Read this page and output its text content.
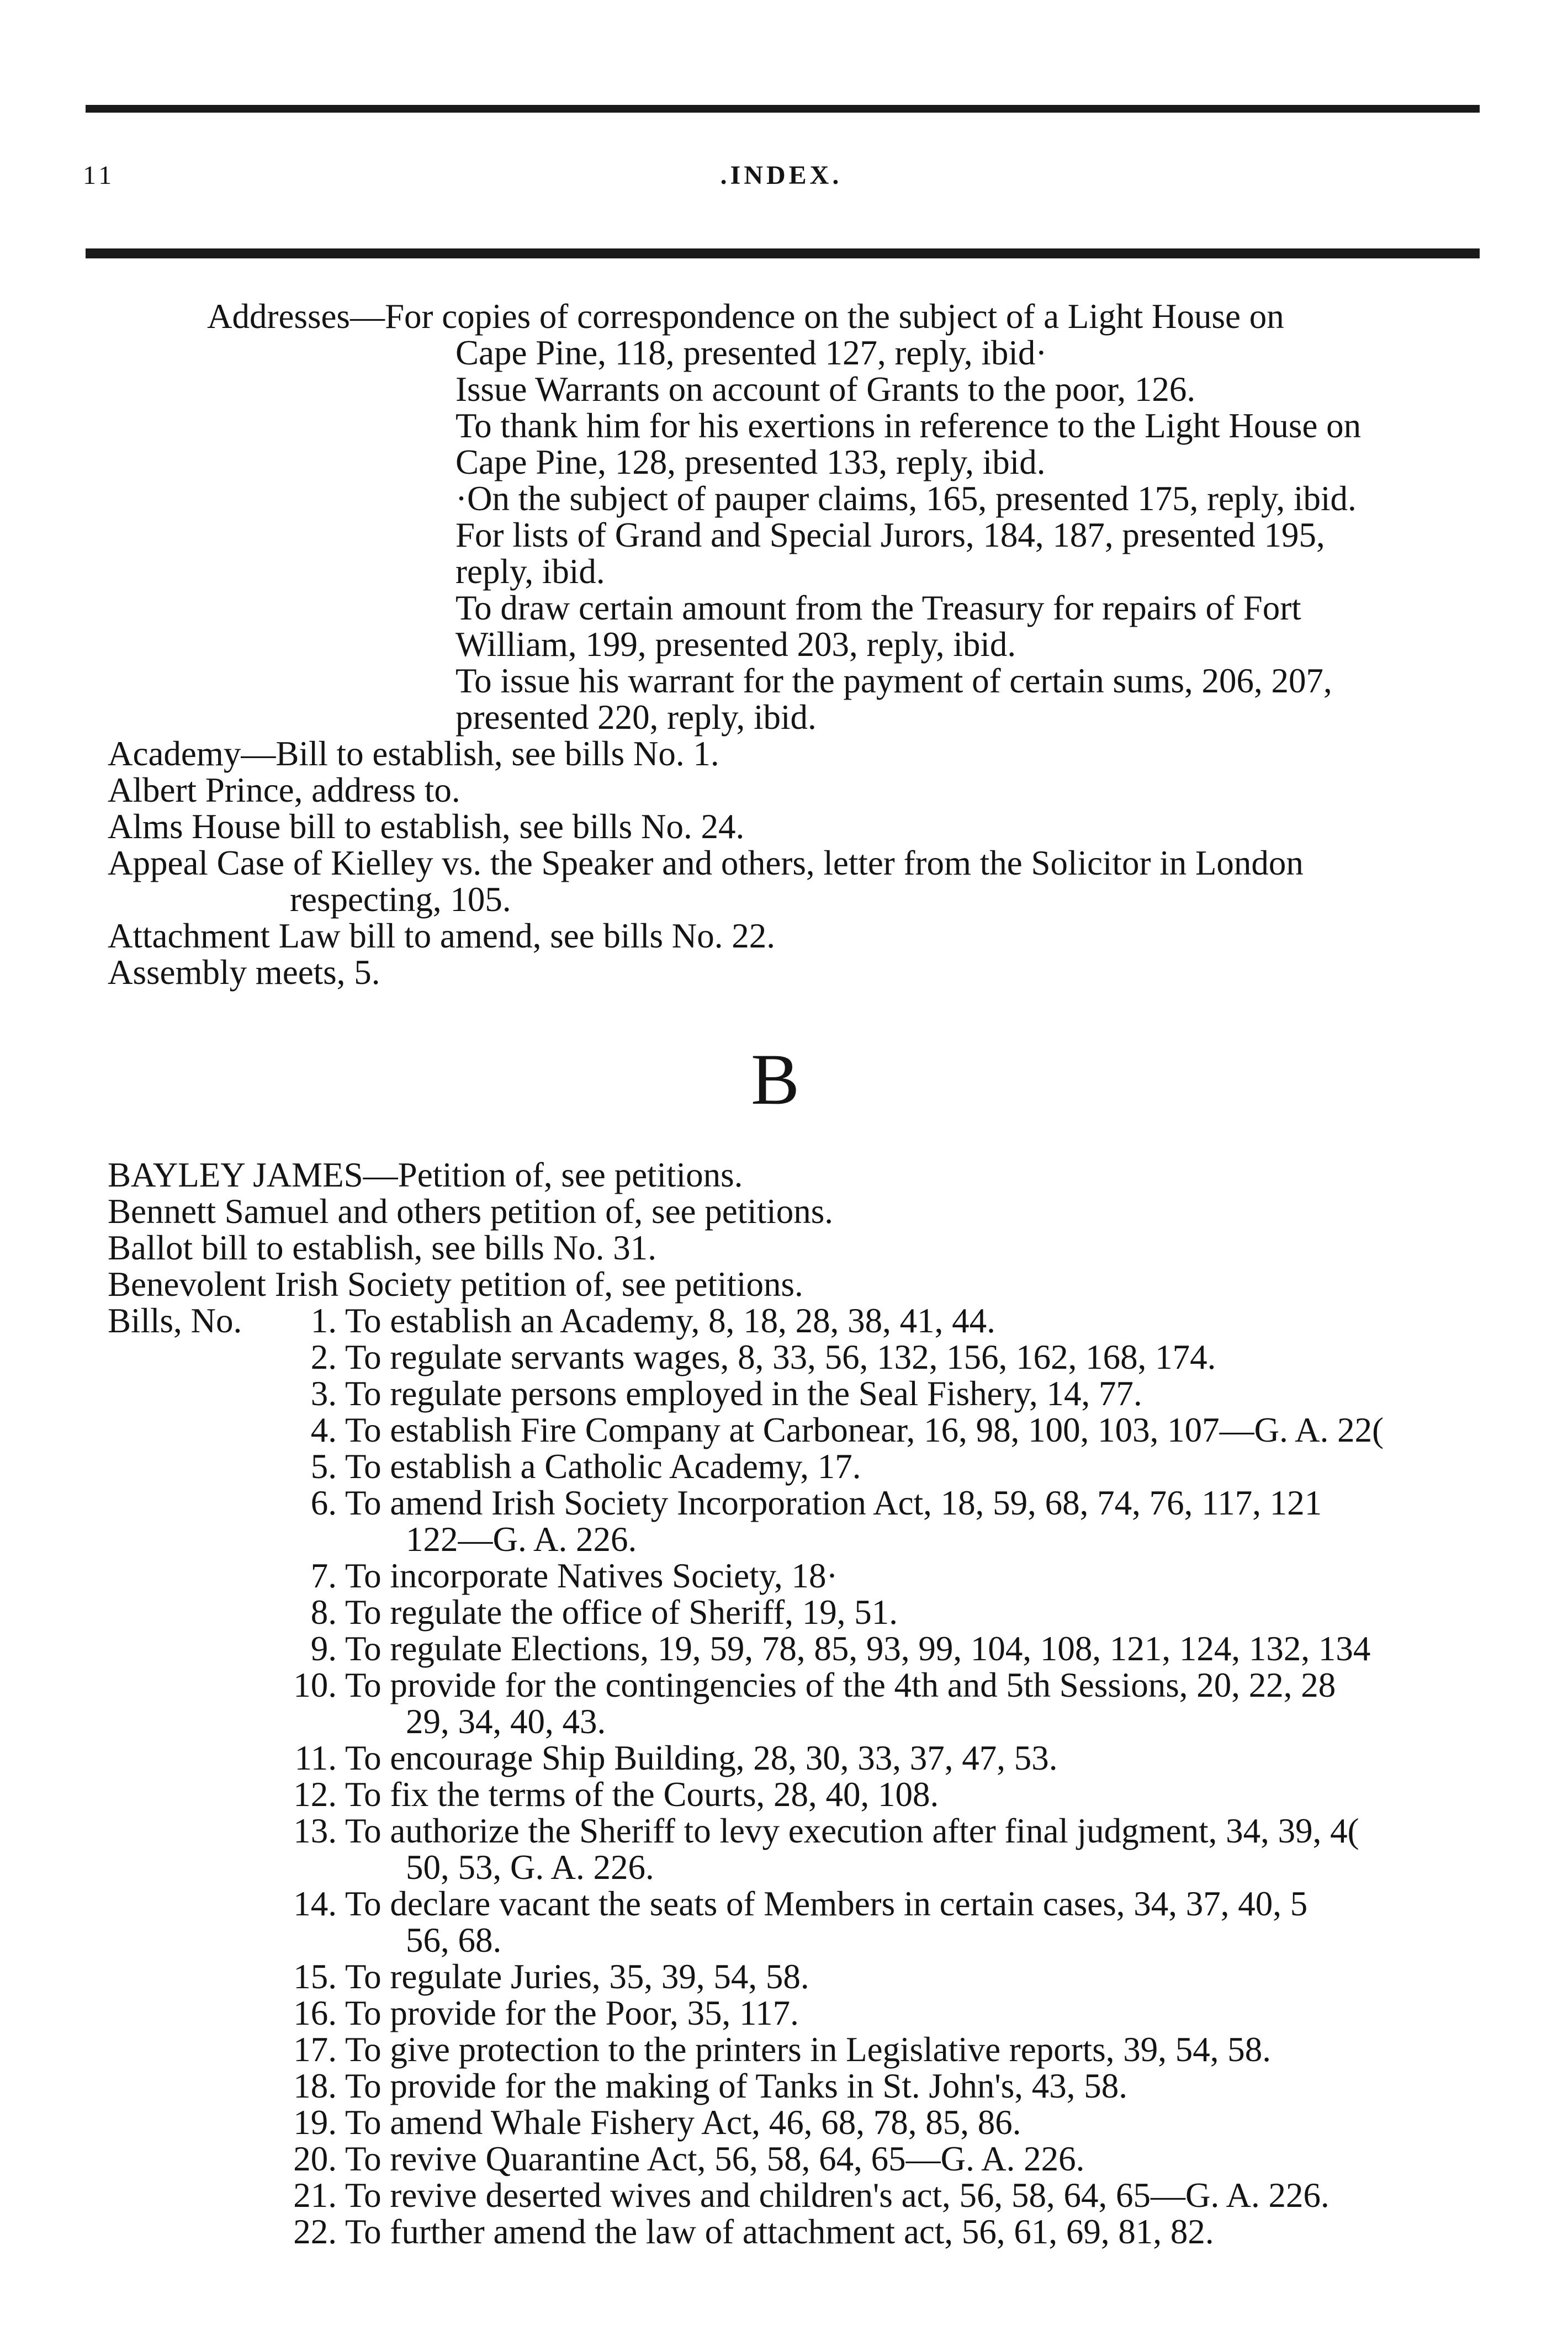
11	.INDEX.
Addresses—For copies of correspondence on the subject of a Light House on
Cape Pine, 118, presented 127, reply, ibid·
Issue Warrants on account of Grants to the poor, 126.
To thank him for his exertions in reference to the Light House on
Cape Pine, 128, presented 133, reply, ibid.
·On the subject of pauper claims, 165, presented 175, reply, ibid.
For lists of Grand and Special Jurors, 184, 187, presented 195,
reply, ibid.
To draw certain amount from the Treasury for repairs of Fort
William, 199, presented 203, reply, ibid.
To issue his warrant for the payment of certain sums, 206, 207,
presented 220, reply, ibid.
Academy—Bill to establish, see bills No. 1.
Albert Prince, address to.
Alms House bill to establish, see bills No. 24.
Appeal Case of Kielley vs. the Speaker and others, letter from the Solicitor in London
respecting, 105.
Attachment Law bill to amend, see bills No. 22.
Assembly meets, 5.
B
BAYLEY JAMES—Petition of, see petitions.
Bennett Samuel and others petition of, see petitions.
Ballot bill to establish, see bills No. 31.
Benevolent Irish Society petition of, see petitions.
Bills, No.	1. To establish an Academy, 8, 18, 28, 38, 41, 44.
2. To regulate servants wages, 8, 33, 56, 132, 156, 162, 168, 174.
3. To regulate persons employed in the Seal Fishery, 14, 77.
4. To establish Fire Company at Carbonear, 16, 98, 100, 103, 107—G. A. 22(
5. To establish a Catholic Academy, 17.
6. To amend Irish Society Incorporation Act, 18, 59, 68, 74, 76, 117, 121
122—G. A. 226.
7. To incorporate Natives Society, 18·
8. To regulate the office of Sheriff, 19, 51.
9. To regulate Elections, 19, 59, 78, 85, 93, 99, 104, 108, 121, 124, 132, 134
10. To provide for the contingencies of the 4th and 5th Sessions, 20, 22, 28
29, 34, 40, 43.
11. To encourage Ship Building, 28, 30, 33, 37, 47, 53.
12. To fix the terms of the Courts, 28, 40, 108.
13. To authorize the Sheriff to levy execution after final judgment, 34, 39, 4(
50, 53, G. A. 226.
14. To declare vacant the seats of Members in certain cases, 34, 37, 40, 5
56, 68.
15. To regulate Juries, 35, 39, 54, 58.
16. To provide for the Poor, 35, 117.
17. To give protection to the printers in Legislative reports, 39, 54, 58.
18. To provide for the making of Tanks in St. John's, 43, 58.
19. To amend Whale Fishery Act, 46, 68, 78, 85, 86.
20. To revive Quarantine Act, 56, 58, 64, 65—G. A. 226.
21. To revive deserted wives and children's act, 56, 58, 64, 65—G. A. 226.
22. To further amend the law of attachment act, 56, 61, 69, 81, 82.
